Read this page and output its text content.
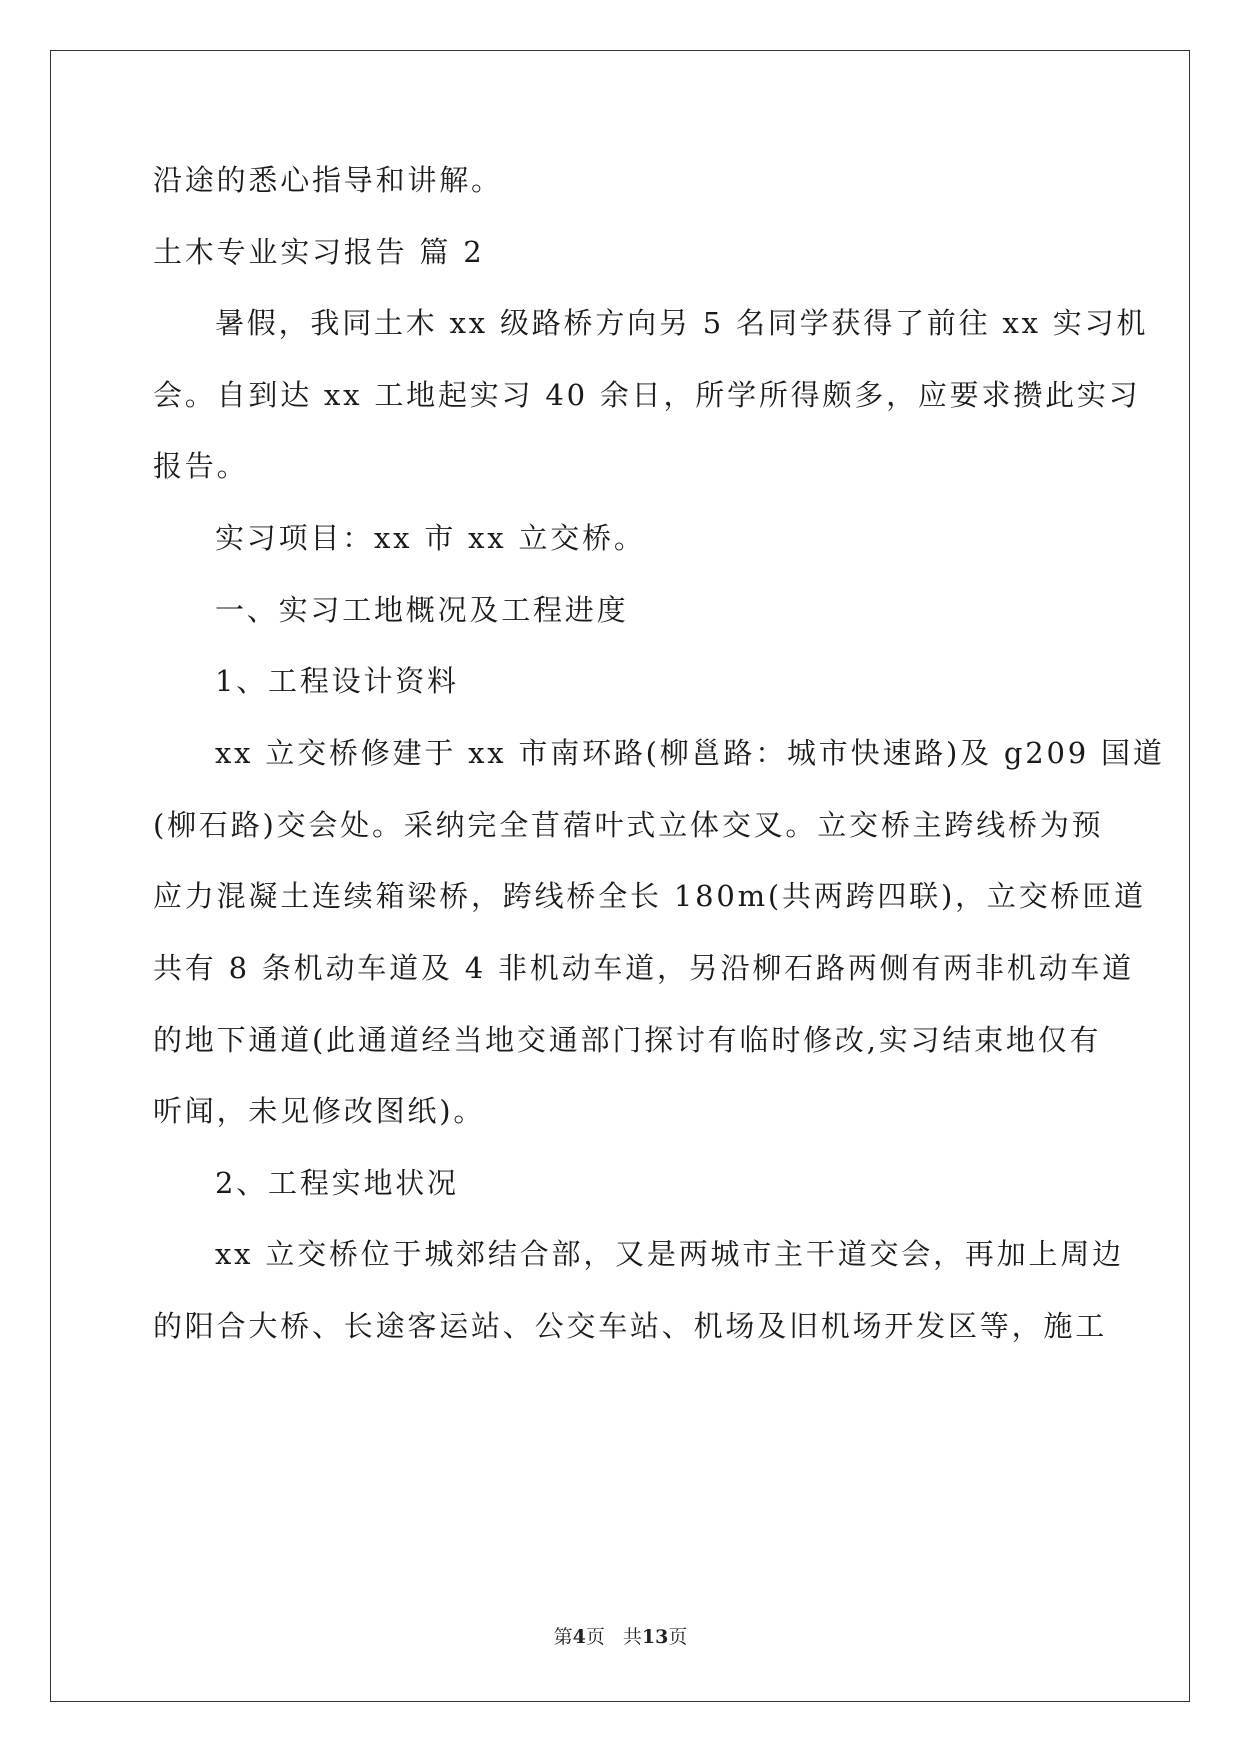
沿途的悉心指导和讲解。
土木专业实习报告 篇 2
暑假，我同土木 xx 级路桥方向另 5 名同学获得了前往 xx 实习机
会。自到达 xx 工地起实习 40 余日，所学所得颇多，应要求攒此实习
报告。
实习项目：xx 市 xx 立交桥。
一、实习工地概况及工程进度
1、工程设计资料
xx 立交桥修建于 xx 市南环路(柳邕路：城市快速路)及 g209 国道
(柳石路)交会处。采纳完全苜蓿叶式立体交叉。立交桥主跨线桥为预
应力混凝土连续箱梁桥，跨线桥全长 180m(共两跨四联)，立交桥匝道
共有 8 条机动车道及 4 非机动车道，另沿柳石路两侧有两非机动车道
的地下通道(此通道经当地交通部门探讨有临时修改,实习结束地仅有
听闻，未见修改图纸)。
2、工程实地状况
xx 立交桥位于城郊结合部，又是两城市主干道交会，再加上周边
的阳合大桥、长途客运站、公交车站、机场及旧机场开发区等，施工
第4页 共13页
